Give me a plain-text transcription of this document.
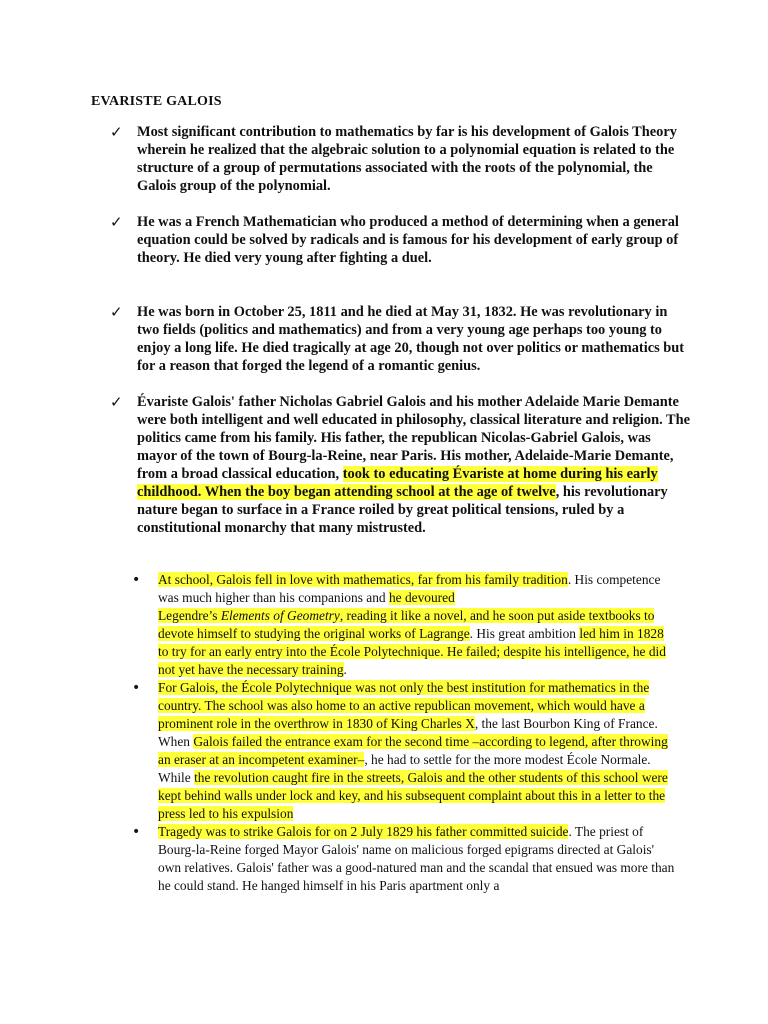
EVARISTE GALOIS
✓ Most significant contribution to mathematics by far is his development of Galois Theory wherein he realized that the algebraic solution to a polynomial equation is related to the structure of a group of permutations associated with the roots of the polynomial, the Galois group of the polynomial.
✓ He was a French Mathematician who produced a method of determining when a general equation could be solved by radicals and is famous for his development of early group of theory. He died very young after fighting a duel.
✓ He was born in October 25, 1811 and he died at May 31, 1832. He was revolutionary in two fields (politics and mathematics) and from a very young age perhaps too young to enjoy a long life. He died tragically at age 20, though not over politics or mathematics but for a reason that forged the legend of a romantic genius.
✓ Évariste Galois' father Nicholas Gabriel Galois and his mother Adelaide Marie Demante were both intelligent and well educated in philosophy, classical literature and religion. The politics came from his family. His father, the republican Nicolas-Gabriel Galois, was mayor of the town of Bourg-la-Reine, near Paris. His mother, Adelaide-Marie Demante, from a broad classical education, took to educating Évariste at home during his early childhood. When the boy began attending school at the age of twelve, his revolutionary nature began to surface in a France roiled by great political tensions, ruled by a constitutional monarchy that many mistrusted.
• At school, Galois fell in love with mathematics, far from his family tradition. His competence was much higher than his companions and he devoured
Legendre’s Elements of Geometry, reading it like a novel, and he soon put aside textbooks to devote himself to studying the original works of Lagrange. His great ambition led him in 1828 to try for an early entry into the École Polytechnique. He failed; despite his intelligence, he did not yet have the necessary training.
• For Galois, the École Polytechnique was not only the best institution for mathematics in the country. The school was also home to an active republican movement, which would have a prominent role in the overthrow in 1830 of King Charles X, the last Bourbon King of France. When Galois failed the entrance exam for the second time –according to legend, after throwing an eraser at an incompetent examiner–, he had to settle for the more modest École Normale. While the revolution caught fire in the streets, Galois and the other students of this school were kept behind walls under lock and key, and his subsequent complaint about this in a letter to the press led to his expulsion
• Tragedy was to strike Galois for on 2 July 1829 his father committed suicide. The priest of Bourg-la-Reine forged Mayor Galois' name on malicious forged epigrams directed at Galois' own relatives. Galois' father was a good-natured man and the scandal that ensued was more than he could stand. He hanged himself in his Paris apartment only a
